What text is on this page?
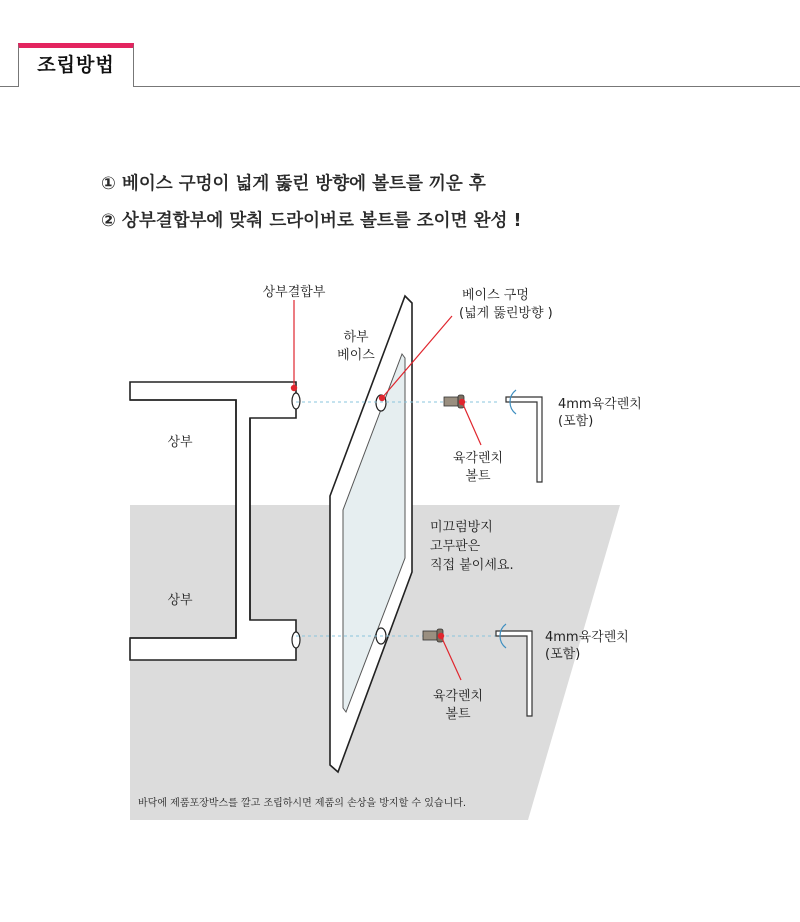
조립방법
① 베이스 구멍이 넓게 뚫린 방향에 볼트를 끼운 후
② 상부결합부에 맞춰 드라이버로 볼트를 조이면 완성 !
상부결합부
하부
베이스
베이스 구멍
(넓게 뚫린방향 )
상부
상부
육각렌치
볼트
육각렌치
볼트
4mm육각렌치
(포함)
4mm육각렌치
(포함)
미끄럼방지
고무판은
직접 붙이세요.
바닥에 제품포장박스를 깔고 조립하시면 제품의 손상을 방지할 수 있습니다.
